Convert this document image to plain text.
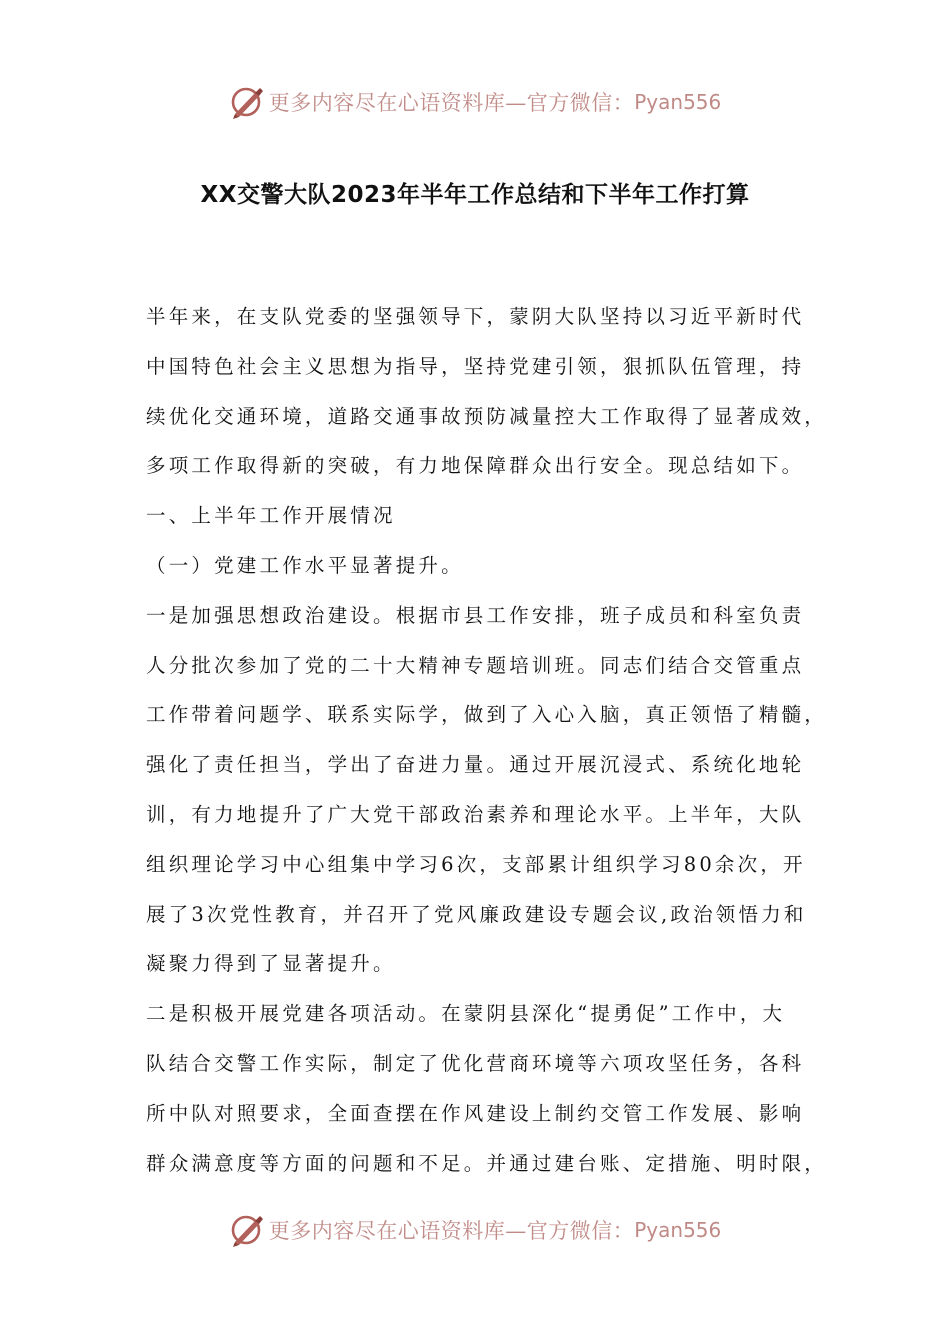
更多内容尽在心语资料库—官方微信： Pyan556
XX交警大队2023年半年工作总结和下半年工作打算
半年来，在支队党委的坚强领导下，蒙阴大队坚持以习近平新时代
中国特色社会主义思想为指导，坚持党建引领，狠抓队伍管理，持
续优化交通环境，道路交通事故预防减量控大工作取得了显著成效，
多项工作取得新的突破，有力地保障群众出行安全。现总结如下。
一、上半年工作开展情况
（一）党建工作水平显著提升。
一是加强思想政治建设。根据市县工作安排，班子成员和科室负责
人分批次参加了党的二十大精神专题培训班。同志们结合交管重点
工作带着问题学、联系实际学，做到了入心入脑，真正领悟了精髓，
强化了责任担当，学出了奋进力量。通过开展沉浸式、系统化地轮
训，有力地提升了广大党干部政治素养和理论水平。上半年，大队
组织理论学习中心组集中学习6次，支部累计组织学习80余次，开
展了3次党性教育，并召开了党风廉政建设专题会议,政治领悟力和
凝聚力得到了显著提升。
二是积极开展党建各项活动。在蒙阴县深化“提勇促”工作中，大
队结合交警工作实际，制定了优化营商环境等六项攻坚任务，各科
所中队对照要求，全面查摆在作风建设上制约交管工作发展、影响
群众满意度等方面的问题和不足。并通过建台账、定措施、明时限，
更多内容尽在心语资料库—官方微信： Pyan556
